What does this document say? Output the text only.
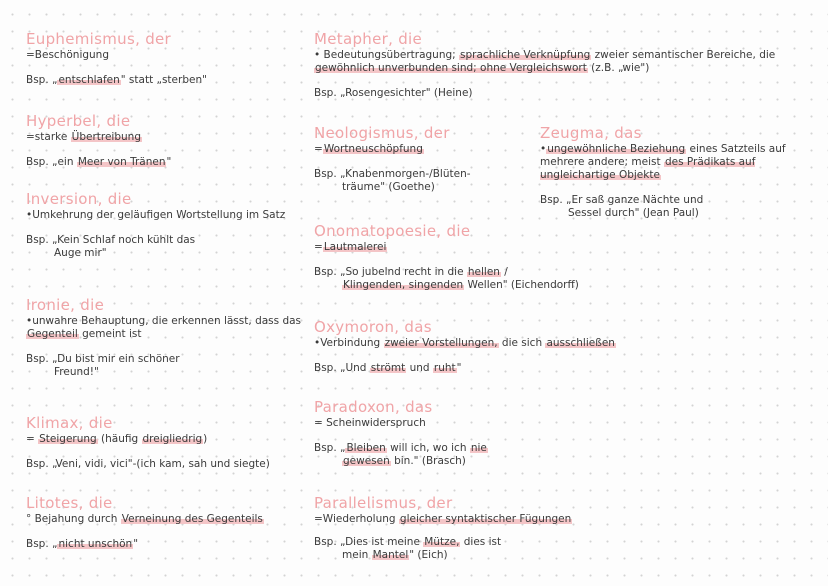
Euphemismus, der
=Beschönigung
Bsp. „entschlafen" statt „sterben"
Hyperbel, die
=starke Übertreibung
Bsp. „ein Meer von Tränen"
Inversion, die
•Umkehrung der geläufigen Wortstellung im Satz
Bsp. „Kein Schlaf noch kühlt das
Auge mir"
Ironie, die
•unwahre Behauptung, die erkennen lässt, dass das Gegenteil gemeint ist
Bsp. „Du bist mir ein schöner
Freund!"
Klimax, die
= Steigerung (häufig dreigliedrig)
Bsp. „Veni, vidi, vici"-(ich kam, sah und siegte)
Litotes, die
° Bejahung durch Verneinung des Gegenteils
Bsp. „nicht unschön"
Metapher, die
• Bedeutungsübertragung; sprachliche Verknüpfung zweier semantischer Bereiche, die gewöhnlich unverbunden sind; ohne Vergleichswort (z.B. „wie")
Bsp. „Rosengesichter" (Heine)
Neologismus, der
=Wortneuschöpfung
Bsp. „Knabenmorgen-/Blüten-
träume" (Goethe)
Zeugma, das
•ungewöhnliche Beziehung eines Satzteils auf mehrere andere; meist des Prädikats auf ungleichartige Objekte
Bsp. „Er saß ganze Nächte und
Sessel durch" (Jean Paul)
Onomatopoesie, die
=Lautmalerei
Bsp. „So jubelnd recht in die hellen /
Klingenden, singenden Wellen" (Eichendorff)
Oxymoron, das
•Verbindung zweier Vorstellungen, die sich ausschließen
Bsp. „Und strömt und ruht"
Paradoxon, das
= Scheinwiderspruch
Bsp. „Bleiben will ich, wo ich nie
gewesen bin." (Brasch)
Parallelismus, der
=Wiederholung gleicher syntaktischer Fügungen
Bsp. „Dies ist meine Mütze, dies ist
mein Mantel" (Eich)
